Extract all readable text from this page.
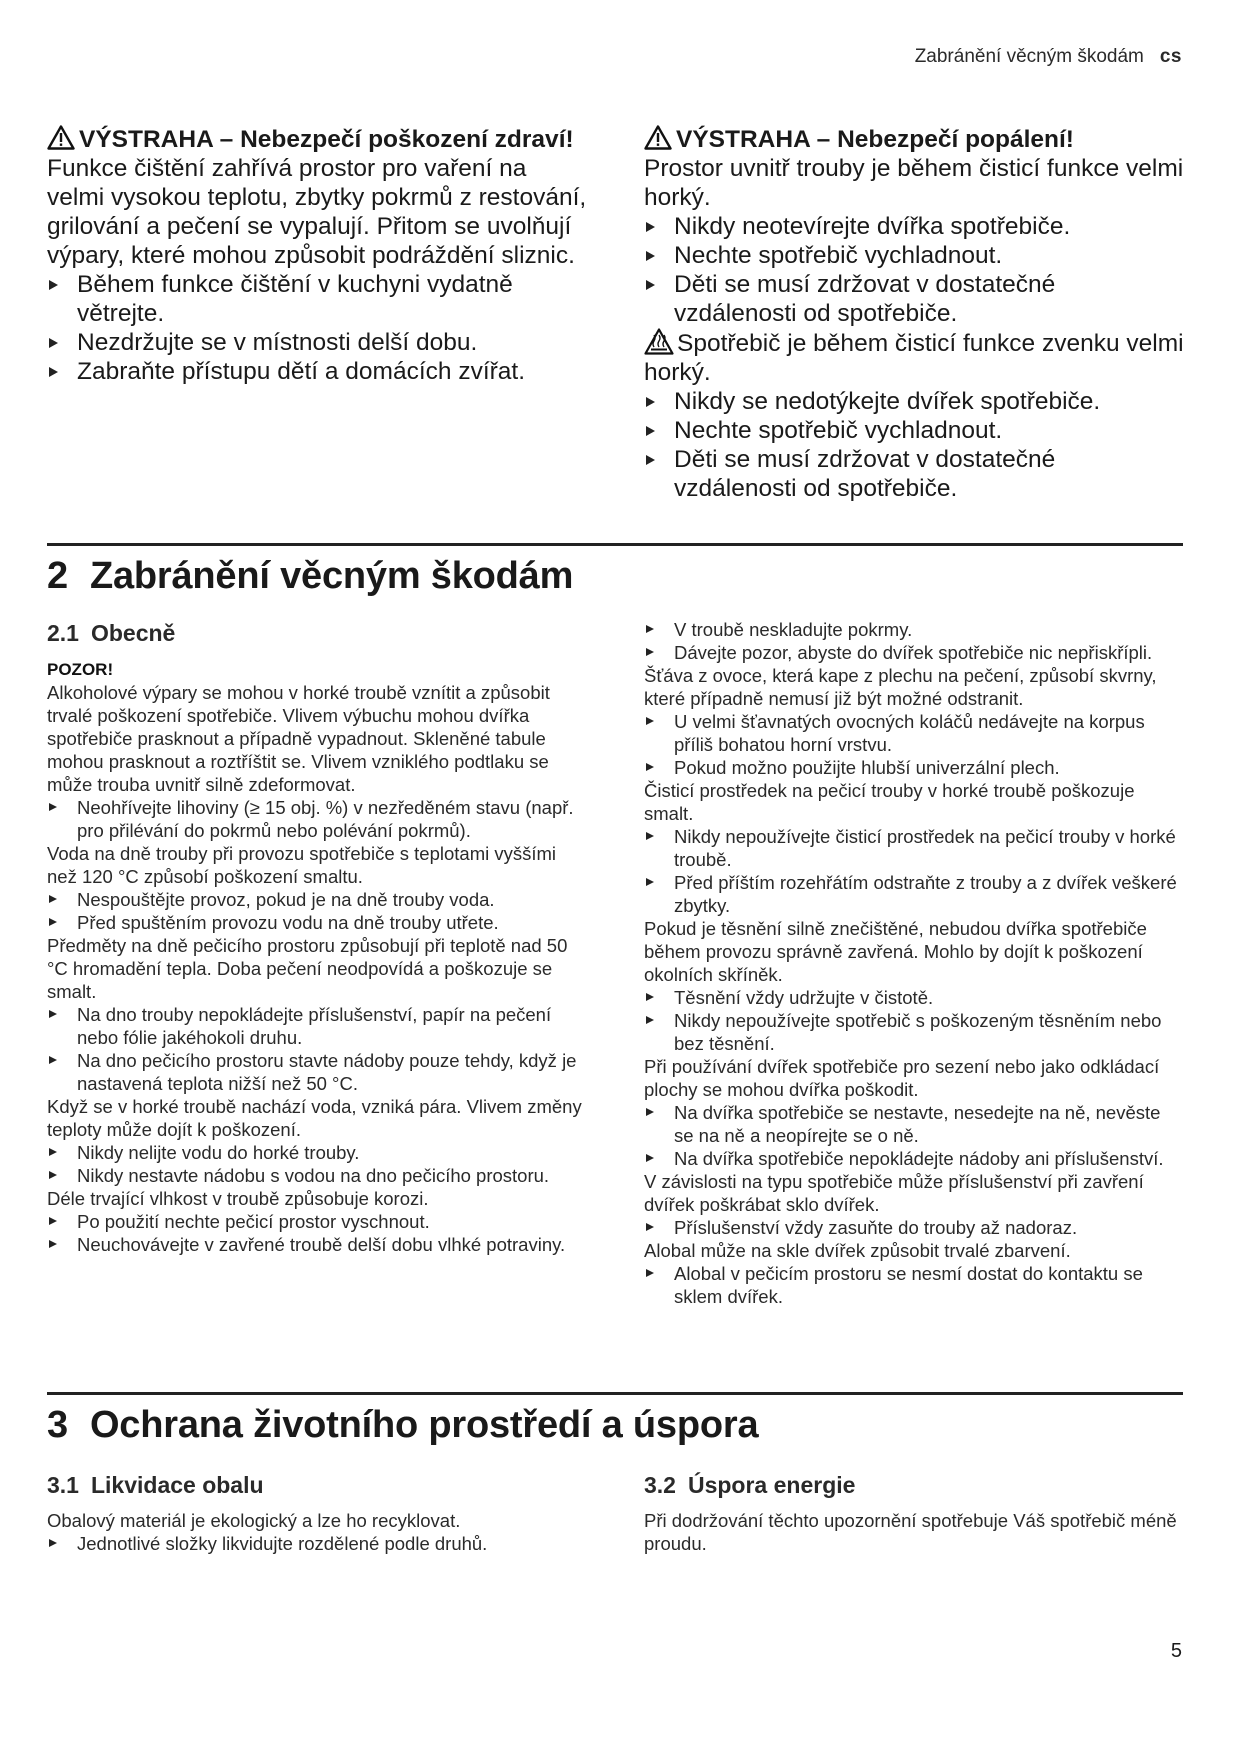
Zabránění věcným škodám cs
VÝSTRAHA – Nebezpečí poškození zdraví!

Funkce čištění zahřívá prostor pro vaření na velmi vysokou teplotu, zbytky pokrmů z restování, grilování a pečení se vypalují. Přitom se uvolňují výpary, které mohou způsobit podráždění sliznic.

Během funkce čištění v kuchyni vydatně větrejte.
Nezdržujte se v místnosti delší dobu.
Zabraňte přístupu dětí a domácích zvířat.
VÝSTRAHA – Nebezpečí popálení!

Prostor uvnitř trouby je během čisticí funkce velmi horký.

Nikdy neotevírejte dvířka spotřebiče.
Nechte spotřebič vychladnout.
Děti se musí zdržovat v dostatečné vzdálenosti od spotřebiče.

Spotřebič je během čisticí funkce zvenku velmi horký.

Nikdy se nedotýkejte dvířek spotřebiče.
Nechte spotřebič vychladnout.
Děti se musí zdržovat v dostatečné vzdálenosti od spotřebiče.
2 Zabránění věcným škodám
2.1 Obecně
POZOR!

Alkoholové výpary se mohou v horké troubě vznítit a způsobit trvalé poškození spotřebiče. Vlivem výbuchu mohou dvířka spotřebiče prasknout a případně vypadnout. Skleněné tabule mohou prasknout a roztříštit se. Vlivem vzniklého podtlaku se může trouba uvnitř silně zdeformovat.

Neohřívejte lihoviny (≥ 15 obj. %) v nezředěném stavu (např. pro přilévání do pokrmů nebo polévání pokrmů).

Voda na dně trouby při provozu spotřebiče s teplotami vyššími než 120 °C způsobí poškození smaltu.

Nespouštějte provoz, pokud je na dně trouby voda.
Před spuštěním provozu vodu na dně trouby utřete.

Předměty na dně pečicího prostoru způsobují při teplotě nad 50 °C hromadění tepla. Doba pečení neodpovídá a poškozuje se smalt.

Na dno trouby nepokládejte příslušenství, papír na pečení nebo fólie jakéhokoli druhu.
Na dno pečicího prostoru stavte nádoby pouze tehdy, když je nastavená teplota nižší než 50 °C.

Když se v horké troubě nachází voda, vzniká pára. Vlivem změny teploty může dojít k poškození.

Nikdy nelijte vodu do horké trouby.
Nikdy nestavte nádobu s vodou na dno pečicího prostoru.

Déle trvající vlhkost v troubě způsobuje korozi.

Po použití nechte pečicí prostor vyschnout.
Neuchovávejte v zavřené troubě delší dobu vlhké potraviny.
V troubě neskladujte pokrmy.
Dávejte pozor, abyste do dvířek spotřebiče nic nepřiskřípli.

Šťáva z ovoce, která kape z plechu na pečení, způsobí skvrny, které případně nemusí již být možné odstranit.

U velmi šťavnatých ovocných koláčů nedávejte na korpus příliš bohatou horní vrstvu.
Pokud možno použijte hlubší univerzální plech.

Čisticí prostředek na pečicí trouby v horké troubě poškozuje smalt.

Nikdy nepoužívejte čisticí prostředek na pečicí trouby v horké troubě.
Před příštím rozehřátím odstraňte z trouby a z dvířek veškeré zbytky.

Pokud je těsnění silně znečištěné, nebudou dvířka spotřebiče během provozu správně zavřená. Mohlo by dojít k poškození okolních skříněk.

Těsnění vždy udržujte v čistotě.
Nikdy nepoužívejte spotřebič s poškozeným těsněním nebo bez těsnění.

Při používání dvířek spotřebiče pro sezení nebo jako odkládací plochy se mohou dvířka poškodit.

Na dvířka spotřebiče se nestavte, nesedejte na ně, nevěste se na ně a neopírejte se o ně.
Na dvířka spotřebiče nepokládejte nádoby ani příslušenství.

V závislosti na typu spotřebiče může příslušenství při zavření dvířek poškrábat sklo dvířek.

Příslušenství vždy zasuňte do trouby až nadoraz.

Alobal může na skle dvířek způsobit trvalé zbarvení.

Alobal v pečicím prostoru se nesmí dostat do kontaktu se sklem dvířek.
3 Ochrana životního prostředí a úspora
3.1 Likvidace obalu

Obalový materiál je ekologický a lze ho recyklovat.

Jednotlivé složky likvidujte rozdělené podle druhů.
3.2 Úspora energie

Při dodržování těchto upozornění spotřebuje Váš spotřebič méně proudu.

5
